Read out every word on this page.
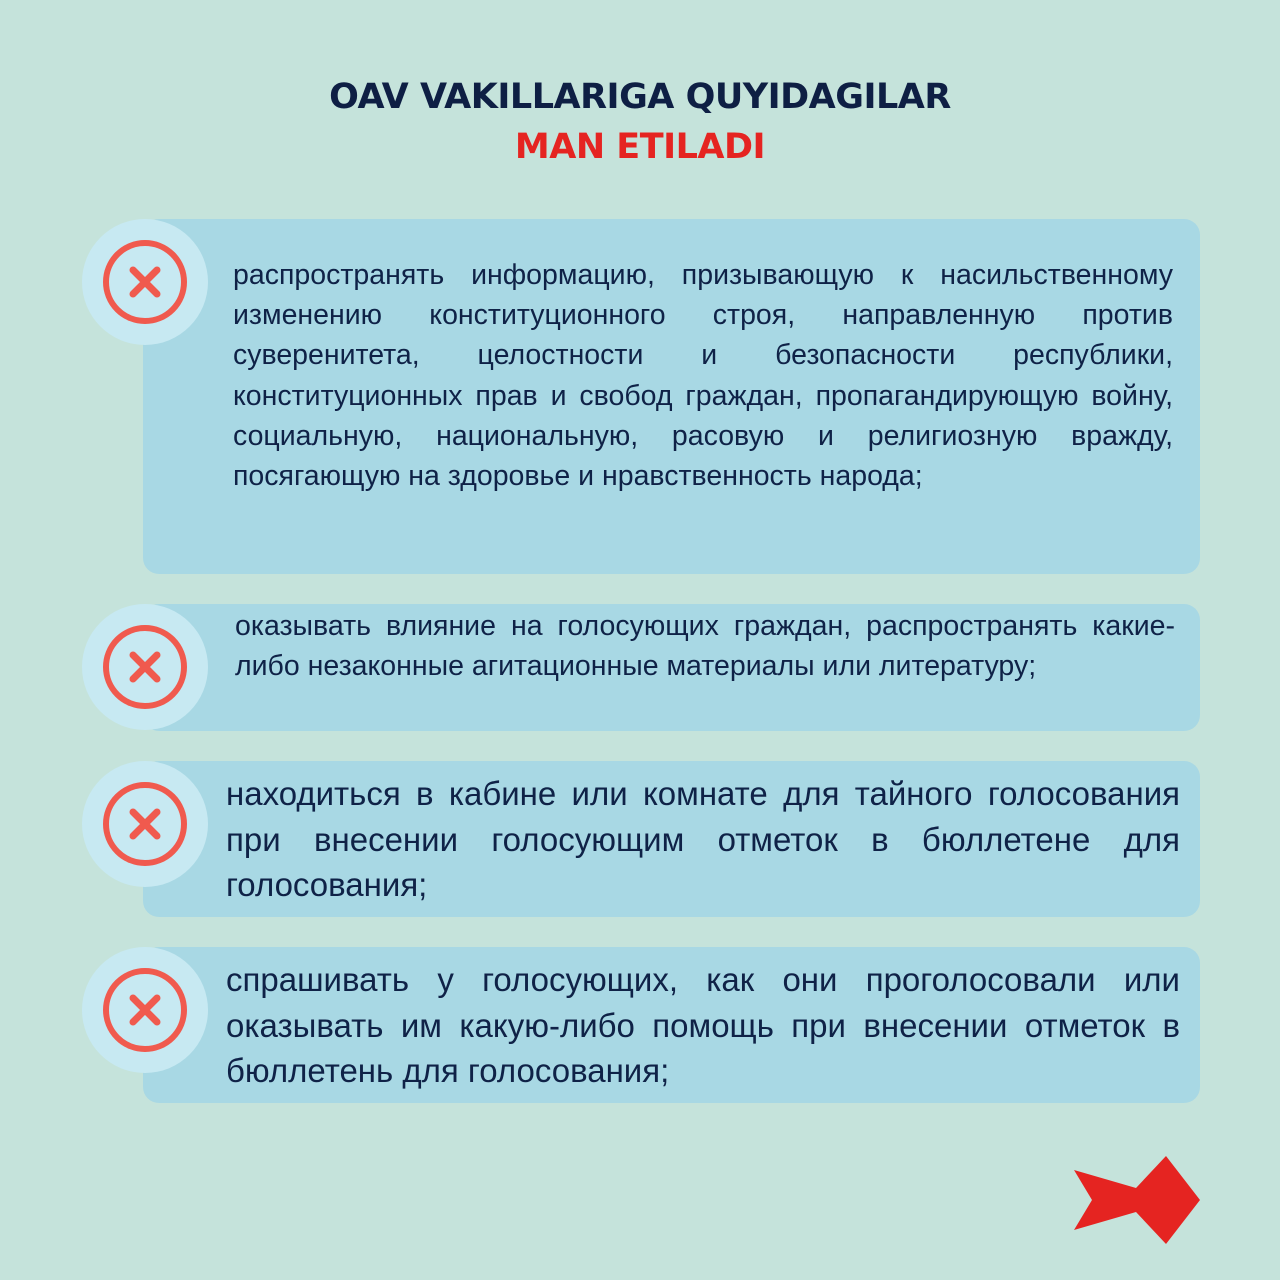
OAV VAKILLARIGA QUYIDAGILAR
MAN ETILADI

распространять информацию, призывающую к насильственному изменению конституционного строя, направленную против суверенитета, целостности и безопасности республики, конституционных прав и свобод граждан, пропагандирующую войну, социальную, национальную, расовую и религиозную вражду, посягающую на здоровье и нравственность народа;

оказывать влияние на голосующих граждан, распространять какие-либо незаконные агитационные материалы или литературу;

находиться в кабине или комнате для тайного голосования при внесении голосующим отметок в бюллетене для голосования;

спрашивать у голосующих, как они проголосовали или оказывать им какую-либо помощь при внесении отметок в бюллетень для голосования;
